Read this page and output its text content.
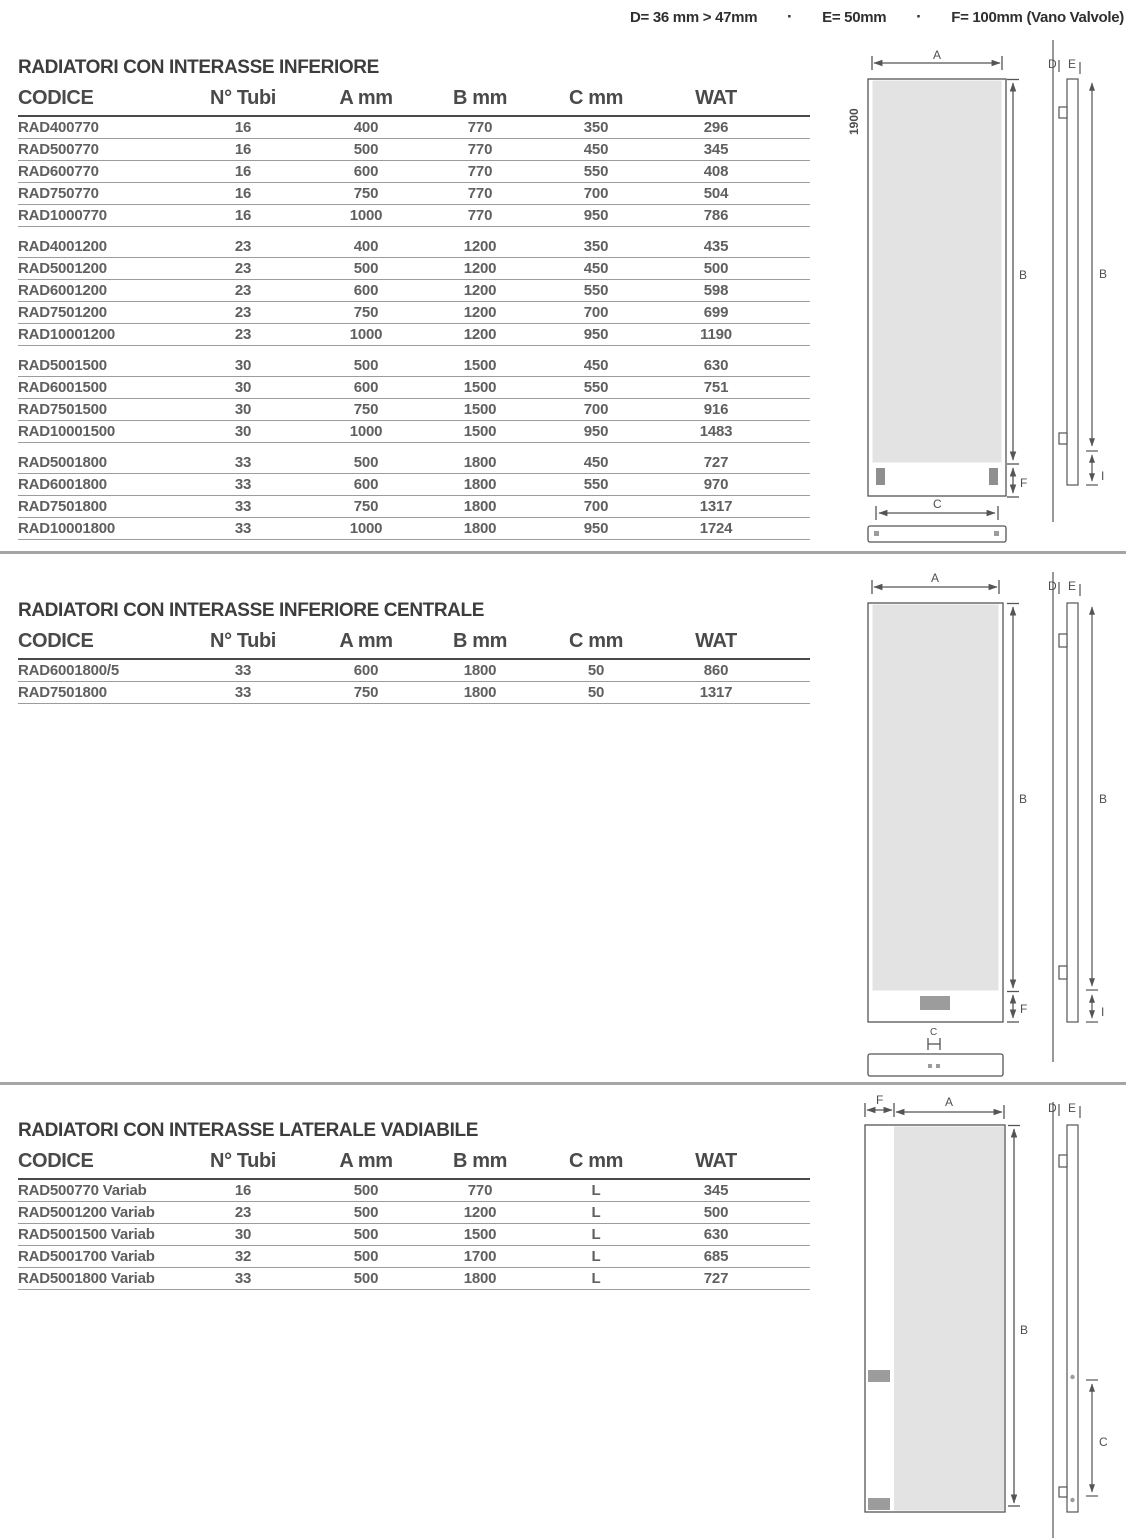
D= 36 mm > 47mm · E= 50mm · F= 100mm (Vano Valvole)
RADIATORI CON INTERASSE INFERIORE
CODICE	N° Tubi	A mm	B mm	C mm	WAT
RAD400770	16	400	770	350	296
RAD500770	16	500	770	450	345
RAD600770	16	600	770	550	408
RAD750770	16	750	770	700	504
RAD1000770	16	1000	770	950	786
RAD4001200	23	400	1200	350	435
RAD5001200	23	500	1200	450	500
RAD6001200	23	600	1200	550	598
RAD7501200	23	750	1200	700	699
RAD10001200	23	1000	1200	950	1190
RAD5001500	30	500	1500	450	630
RAD6001500	30	600	1500	550	751
RAD7501500	30	750	1500	700	916
RAD10001500	30	1000	1500	950	1483
RAD5001800	33	500	1800	450	727
RAD6001800	33	600	1800	550	970
RAD7501800	33	750	1800	700	1317
RAD10001800	33	1000	1800	950	1724
RADIATORI CON INTERASSE INFERIORE CENTRALE
CODICE	N° Tubi	A mm	B mm	C mm	WAT
RAD6001800/5	33	600	1800	50	860
RAD7501800	33	750	1800	50	1317
RADIATORI CON INTERASSE LATERALE VADIABILE
CODICE	N° Tubi	A mm	B mm	C mm	WAT
RAD500770 Variab	16	500	770	L	345
RAD5001200 Variab	23	500	1200	L	500
RAD5001500 Variab	30	500	1500	L	630
RAD5001700 Variab	32	500	1700	L	685
RAD5001800 Variab	33	500	1800	L	727
A
1900
B
F
C
D E
B
I
A
B
F
C
D E
B
I
F	A
B
D E
C
